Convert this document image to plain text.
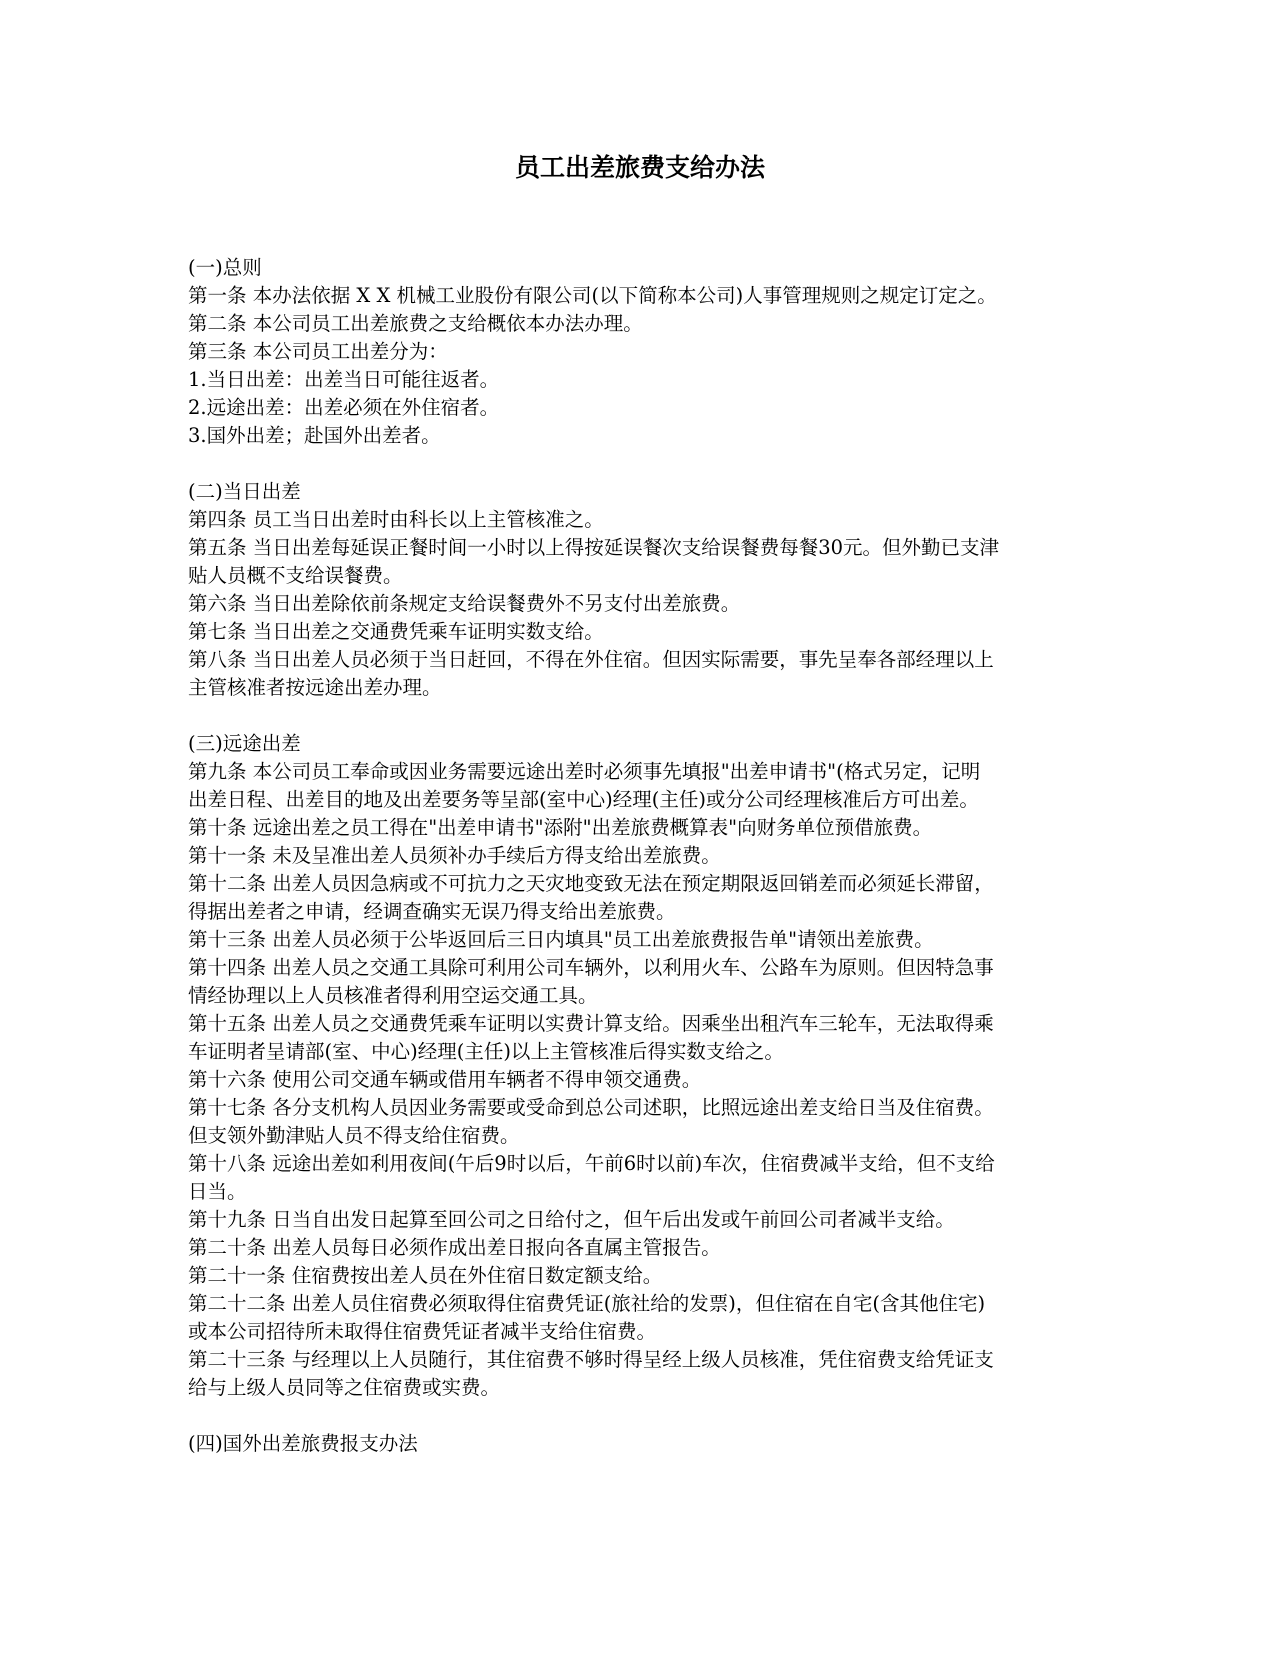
员工出差旅费支给办法
(一)总则
第一条 本办法依据 X X 机械工业股份有限公司(以下简称本公司)人事管理规则之规定订定之。
第二条 本公司员工出差旅费之支给概依本办法办理。
第三条 本公司员工出差分为：
1.当日出差：出差当日可能往返者。
2.远途出差：出差必须在外住宿者。
3.国外出差；赴国外出差者。
(二)当日出差
第四条 员工当日出差时由科长以上主管核准之。
第五条 当日出差每延误正餐时间一小时以上得按延误餐次支给误餐费每餐30元。但外勤已支津
贴人员概不支给误餐费。
第六条 当日出差除依前条规定支给误餐费外不另支付出差旅费。
第七条 当日出差之交通费凭乘车证明实数支给。
第八条 当日出差人员必须于当日赶回，不得在外住宿。但因实际需要，事先呈奉各部经理以上
主管核准者按远途出差办理。
(三)远途出差
第九条 本公司员工奉命或因业务需要远途出差时必须事先填报"出差申请书"(格式另定，记明
出差日程、出差目的地及出差要务等呈部(室中心)经理(主任)或分公司经理核准后方可出差。
第十条 远途出差之员工得在"出差申请书"添附"出差旅费概算表"向财务单位预借旅费。
第十一条 未及呈准出差人员须补办手续后方得支给出差旅费。
第十二条 出差人员因急病或不可抗力之天灾地变致无法在预定期限返回销差而必须延长滞留，
得据出差者之申请，经调查确实无误乃得支给出差旅费。
第十三条 出差人员必须于公毕返回后三日内填具"员工出差旅费报告单"请领出差旅费。
第十四条 出差人员之交通工具除可利用公司车辆外，以利用火车、公路车为原则。但因特急事
情经协理以上人员核准者得利用空运交通工具。
第十五条 出差人员之交通费凭乘车证明以实费计算支给。因乘坐出租汽车三轮车，无法取得乘
车证明者呈请部(室、中心)经理(主任)以上主管核准后得实数支给之。
第十六条 使用公司交通车辆或借用车辆者不得申领交通费。
第十七条 各分支机构人员因业务需要或受命到总公司述职，比照远途出差支给日当及住宿费。
但支领外勤津贴人员不得支给住宿费。
第十八条 远途出差如利用夜间(午后9时以后，午前6时以前)车次，住宿费减半支给，但不支给
日当。
第十九条 日当自出发日起算至回公司之日给付之，但午后出发或午前回公司者减半支给。
第二十条 出差人员每日必须作成出差日报向各直属主管报告。
第二十一条 住宿费按出差人员在外住宿日数定额支给。
第二十二条 出差人员住宿费必须取得住宿费凭证(旅社给的发票)，但住宿在自宅(含其他住宅)
或本公司招待所未取得住宿费凭证者减半支给住宿费。
第二十三条 与经理以上人员随行，其住宿费不够时得呈经上级人员核准，凭住宿费支给凭证支
给与上级人员同等之住宿费或实费。
(四)国外出差旅费报支办法
